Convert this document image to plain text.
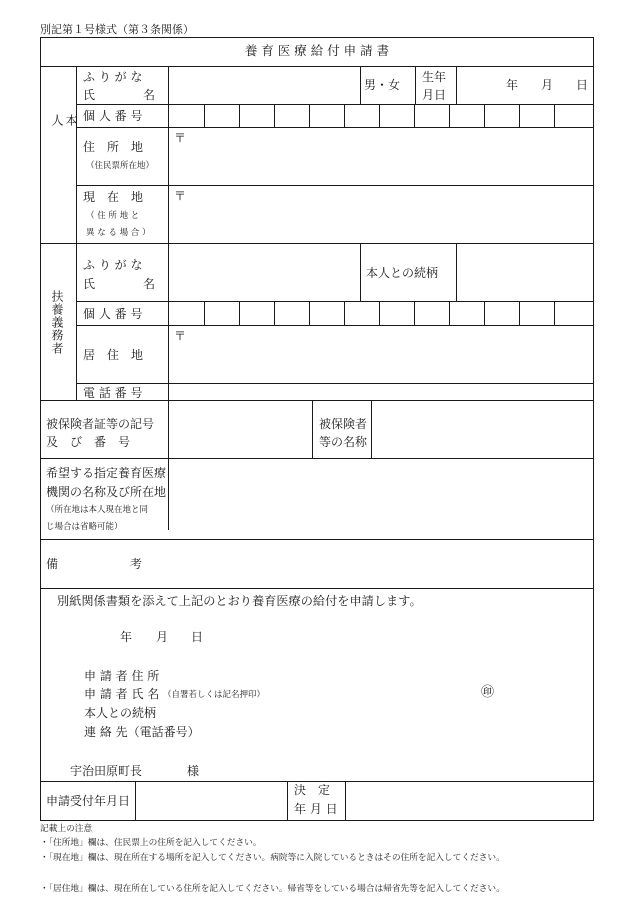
別記第１号様式（第３条関係）
養 育 医 療 給 付 申 請 書
本人
ふ り が な
氏　　　　名
男・女
生年
月日
年 月 日
個 人 番 号
住　所　地
（住民票所在地）
〒
現　在　地
（ 住 所 地 と
異 な る 場 合 ）
〒
扶養義務者
ふ り が な
氏　　　　名
本人との続柄
個 人 番 号
居　住　地
〒
電 話 番 号
被保険者証等の記号
及　び　番　号
被保険者
等の名称
希望する指定養育医療
機関の名称及び所在地
（所在地は本人現在地と同
じ場合は省略可能）
備　　　　　　考
別紙関係書類を添えて上記のとおり養育医療の給付を申請します。
年 月 日
申 請 者 住 所
申 請 者 氏 名 （自署若しくは記名押印）	㊞
本人との続柄
連 絡 先（電話番号）
宇治田原町長	様
申請受付年月日
決　定
年 月 日
記載上の注意
・「住所地」欄は、住民票上の住所を記入してください。
・「現在地」欄は、現在所在する場所を記入してください。病院等に入院しているときはその住所を記入してください。
・「居住地」欄は、現在所在している住所を記入してください。帰省等をしている場合は帰省先等を記入してください。
